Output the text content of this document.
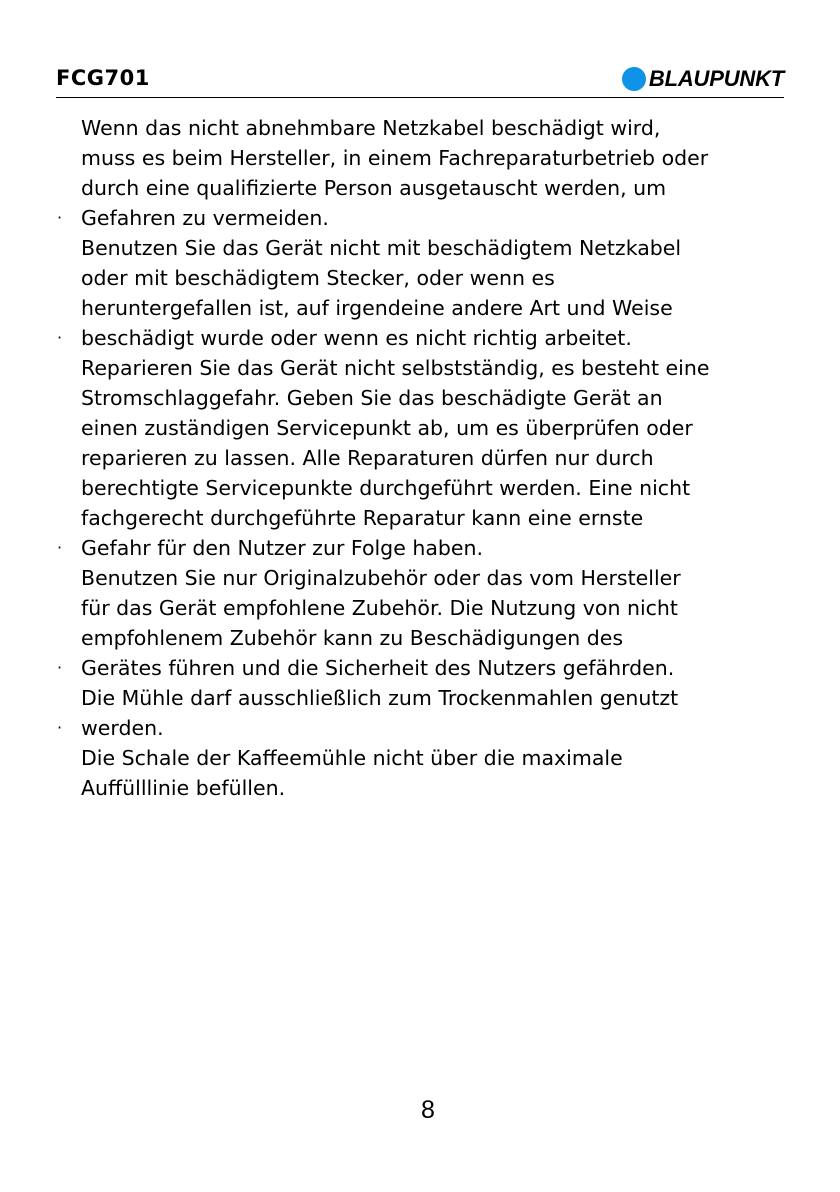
FCG701	BLAUPUNKT
Wenn das nicht abnehmbare Netzkabel beschädigt wird,
muss es beim Hersteller, in einem Fachreparaturbetrieb oder
durch eine qualifizierte Person ausgetauscht werden, um
· Gefahren zu vermeiden.
Benutzen Sie das Gerät nicht mit beschädigtem Netzkabel
oder mit beschädigtem Stecker, oder wenn es
heruntergefallen ist, auf irgendeine andere Art und Weise
· beschädigt wurde oder wenn es nicht richtig arbeitet.
Reparieren Sie das Gerät nicht selbstständig, es besteht eine
Stromschlaggefahr. Geben Sie das beschädigte Gerät an
einen zuständigen Servicepunkt ab, um es überprüfen oder
reparieren zu lassen. Alle Reparaturen dürfen nur durch
berechtigte Servicepunkte durchgeführt werden. Eine nicht
fachgerecht durchgeführte Reparatur kann eine ernste
· Gefahr für den Nutzer zur Folge haben.
Benutzen Sie nur Originalzubehör oder das vom Hersteller
für das Gerät empfohlene Zubehör. Die Nutzung von nicht
empfohlenem Zubehör kann zu Beschädigungen des
· Gerätes führen und die Sicherheit des Nutzers gefährden.
Die Mühle darf ausschließlich zum Trockenmahlen genutzt
· werden.
Die Schale der Kaffeemühle nicht über die maximale
Auffülllinie befüllen.
8
